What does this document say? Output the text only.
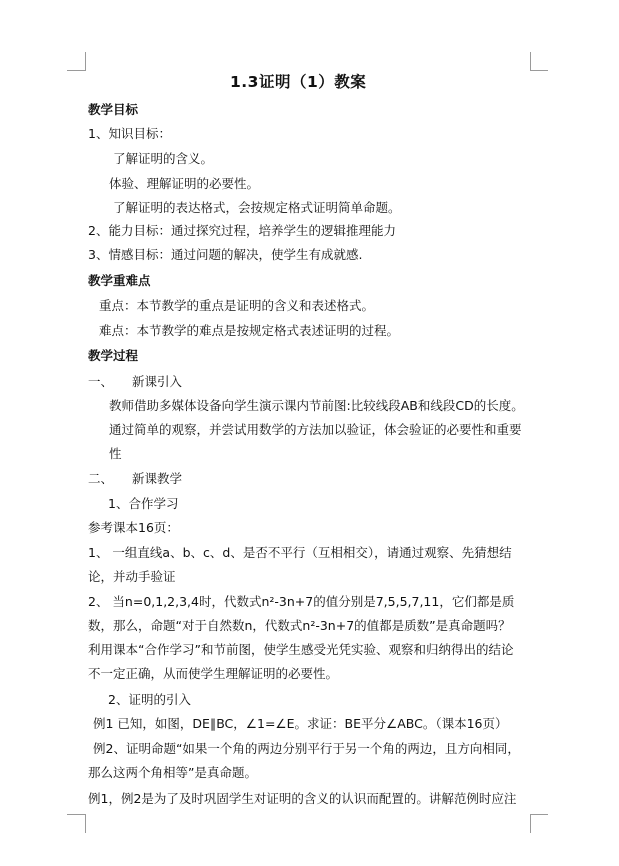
1.3证明（1）教案
教学目标
1、知识目标：
了解证明的含义。
体验、理解证明的必要性。
了解证明的表达格式，会按规定格式证明简单命题。
2、能力目标：通过探究过程，培养学生的逻辑推理能力
3、情感目标：通过问题的解决，使学生有成就感.
教学重难点
重点：本节教学的重点是证明的含义和表述格式。
难点：本节教学的难点是按规定格式表述证明的过程。
教学过程
一、 新课引入
教师借助多媒体设备向学生演示课内节前图:比较线段AB和线段CD的长度。
通过简单的观察，并尝试用数学的方法加以验证，体会验证的必要性和重要
性
二、 新课教学
1、合作学习
参考课本16页：
1、 一组直线a、b、c、d、是否不平行（互相相交），请通过观察、先猜想结
论，并动手验证
2、 当n=0,1,2,3,4时，代数式n²-3n+7的值分别是7,5,5,7,11，它们都是质
数，那么，命题“对于自然数n，代数式n²-3n+7的值都是质数”是真命题吗？
利用课本“合作学习”和节前图，使学生感受光凭实验、观察和归纳得出的结论
不一定正确，从而使学生理解证明的必要性。
2、证明的引入
例1 已知，如图，DE∥BC，∠1=∠E。求证：BE平分∠ABC。（课本16页）
例2、证明命题“如果一个角的两边分别平行于另一个角的两边，且方向相同，
那么这两个角相等”是真命题。
例1，例2是为了及时巩固学生对证明的含义的认识而配置的。讲解范例时应注
